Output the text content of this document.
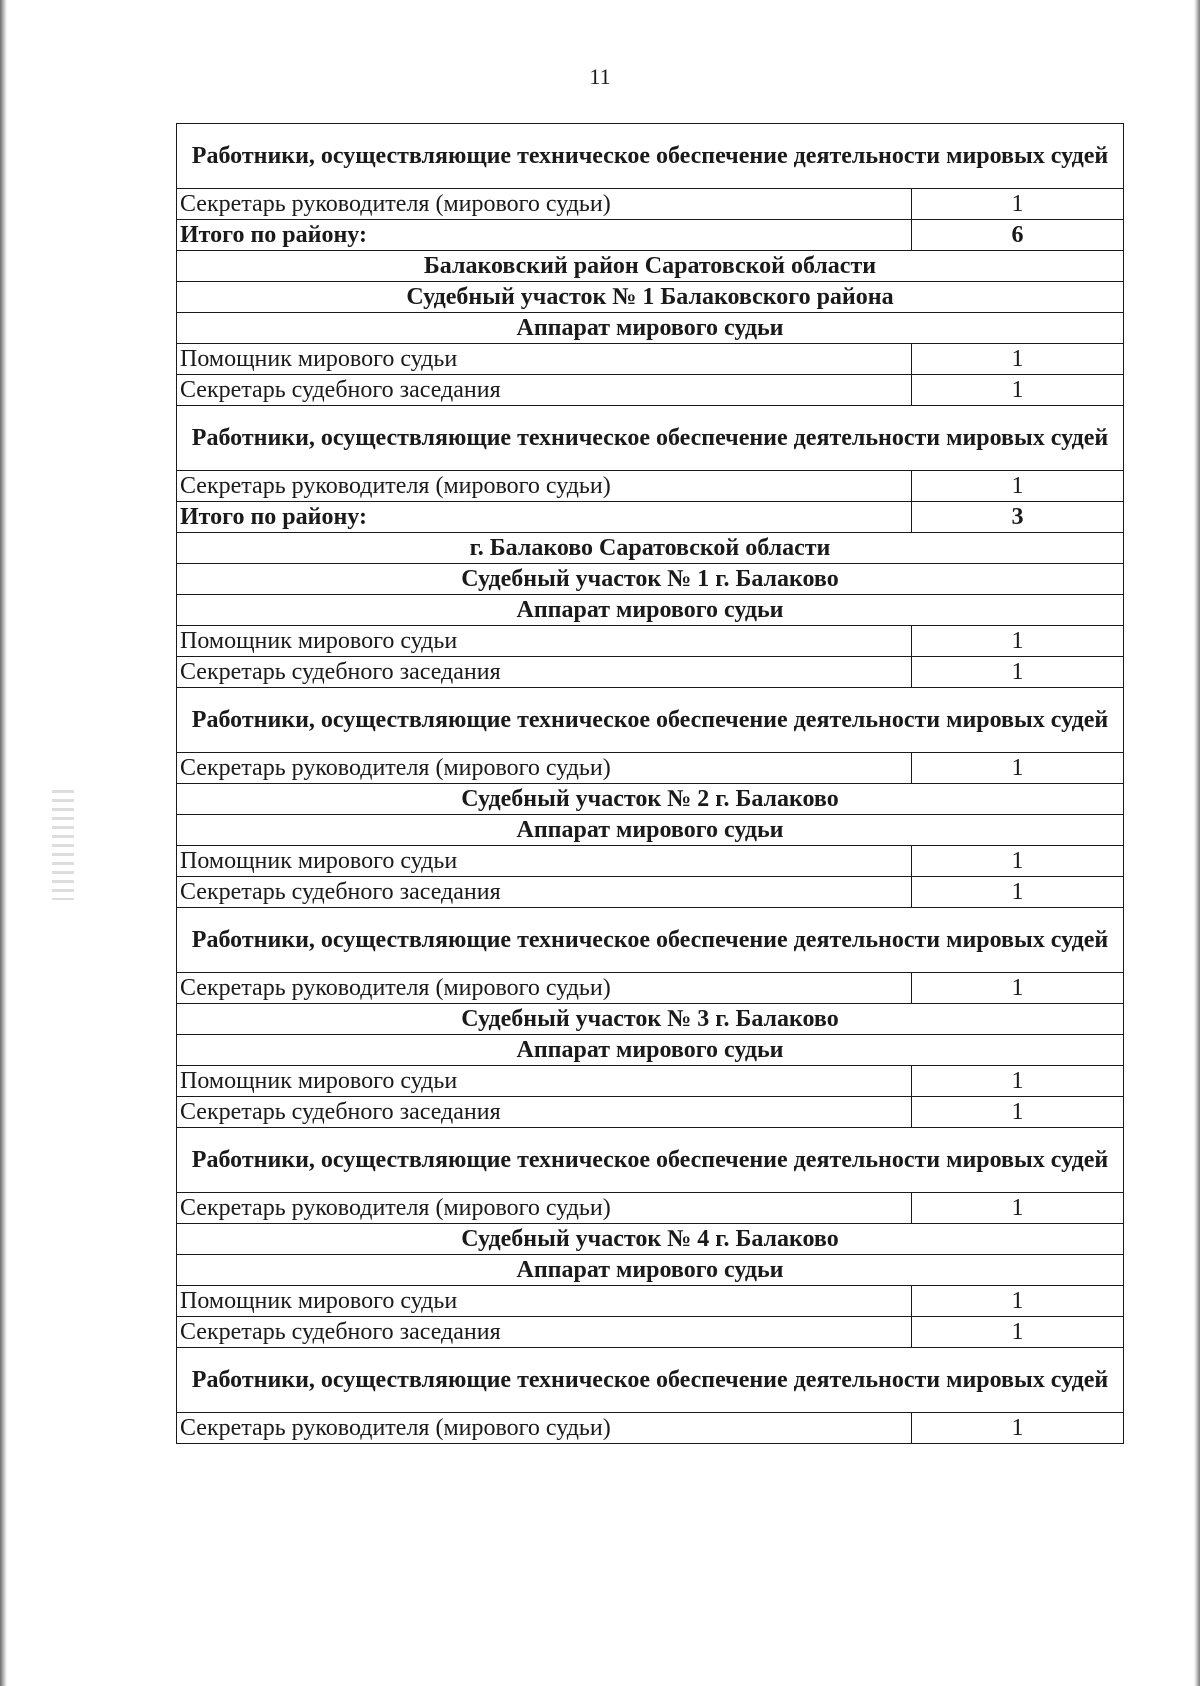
11
Работники, осуществляющие техническое обеспечение деятельности мировых судей	
Секретарь руководителя (мирового судьи)	1
Итого по району:	6
Балаковский район Саратовской области	
Судебный участок № 1 Балаковского района	
Аппарат мирового судьи	
Помощник мирового судьи	1
Секретарь судебного заседания	1
Работники, осуществляющие техническое обеспечение деятельности мировых судей	
Секретарь руководителя (мирового судьи)	1
Итого по району:	3
г. Балаково Саратовской области	
Судебный участок № 1 г. Балаково	
Аппарат мирового судьи	
Помощник мирового судьи	1
Секретарь судебного заседания	1
Работники, осуществляющие техническое обеспечение деятельности мировых судей	
Секретарь руководителя (мирового судьи)	1
Судебный участок № 2 г. Балаково	
Аппарат мирового судьи	
Помощник мирового судьи	1
Секретарь судебного заседания	1
Работники, осуществляющие техническое обеспечение деятельности мировых судей	
Секретарь руководителя (мирового судьи)	1
Судебный участок № 3 г. Балаково	
Аппарат мирового судьи	
Помощник мирового судьи	1
Секретарь судебного заседания	1
Работники, осуществляющие техническое обеспечение деятельности мировых судей	
Секретарь руководителя (мирового судьи)	1
Судебный участок № 4 г. Балаково	
Аппарат мирового судьи	
Помощник мирового судьи	1
Секретарь судебного заседания	1
Работники, осуществляющие техническое обеспечение деятельности мировых судей	
Секретарь руководителя (мирового судьи)	1
